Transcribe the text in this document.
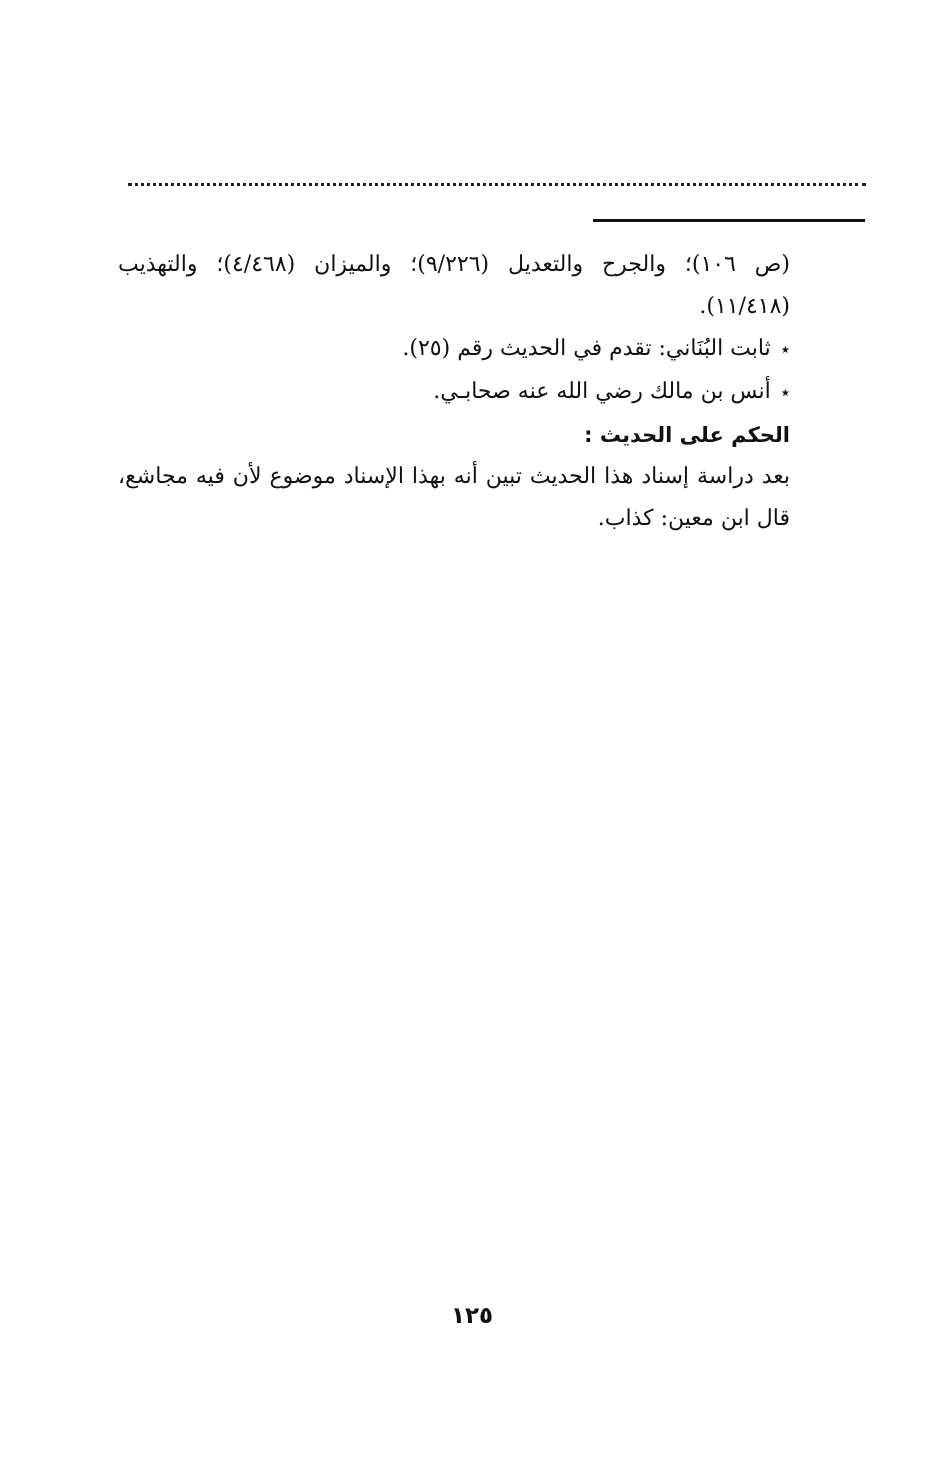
(ص ١٠٦)؛ والجرح والتعديل (٩/٢٢٦)؛ والميزان (٤/٤٦٨)؛ والتهذيب
(١١/٤١٨).
٭
ثابت البُنَاني: تقدم في الحديث رقم (٢٥).
٭
أنس بن مالك رضي الله عنه صحابـي.
الحكم على الحديث :
بعد دراسة إسناد هذا الحديث تبين أنه بهذا الإسناد موضوع لأن فيه مجاشع،
قال ابن معين: كذاب.
١٢٥
